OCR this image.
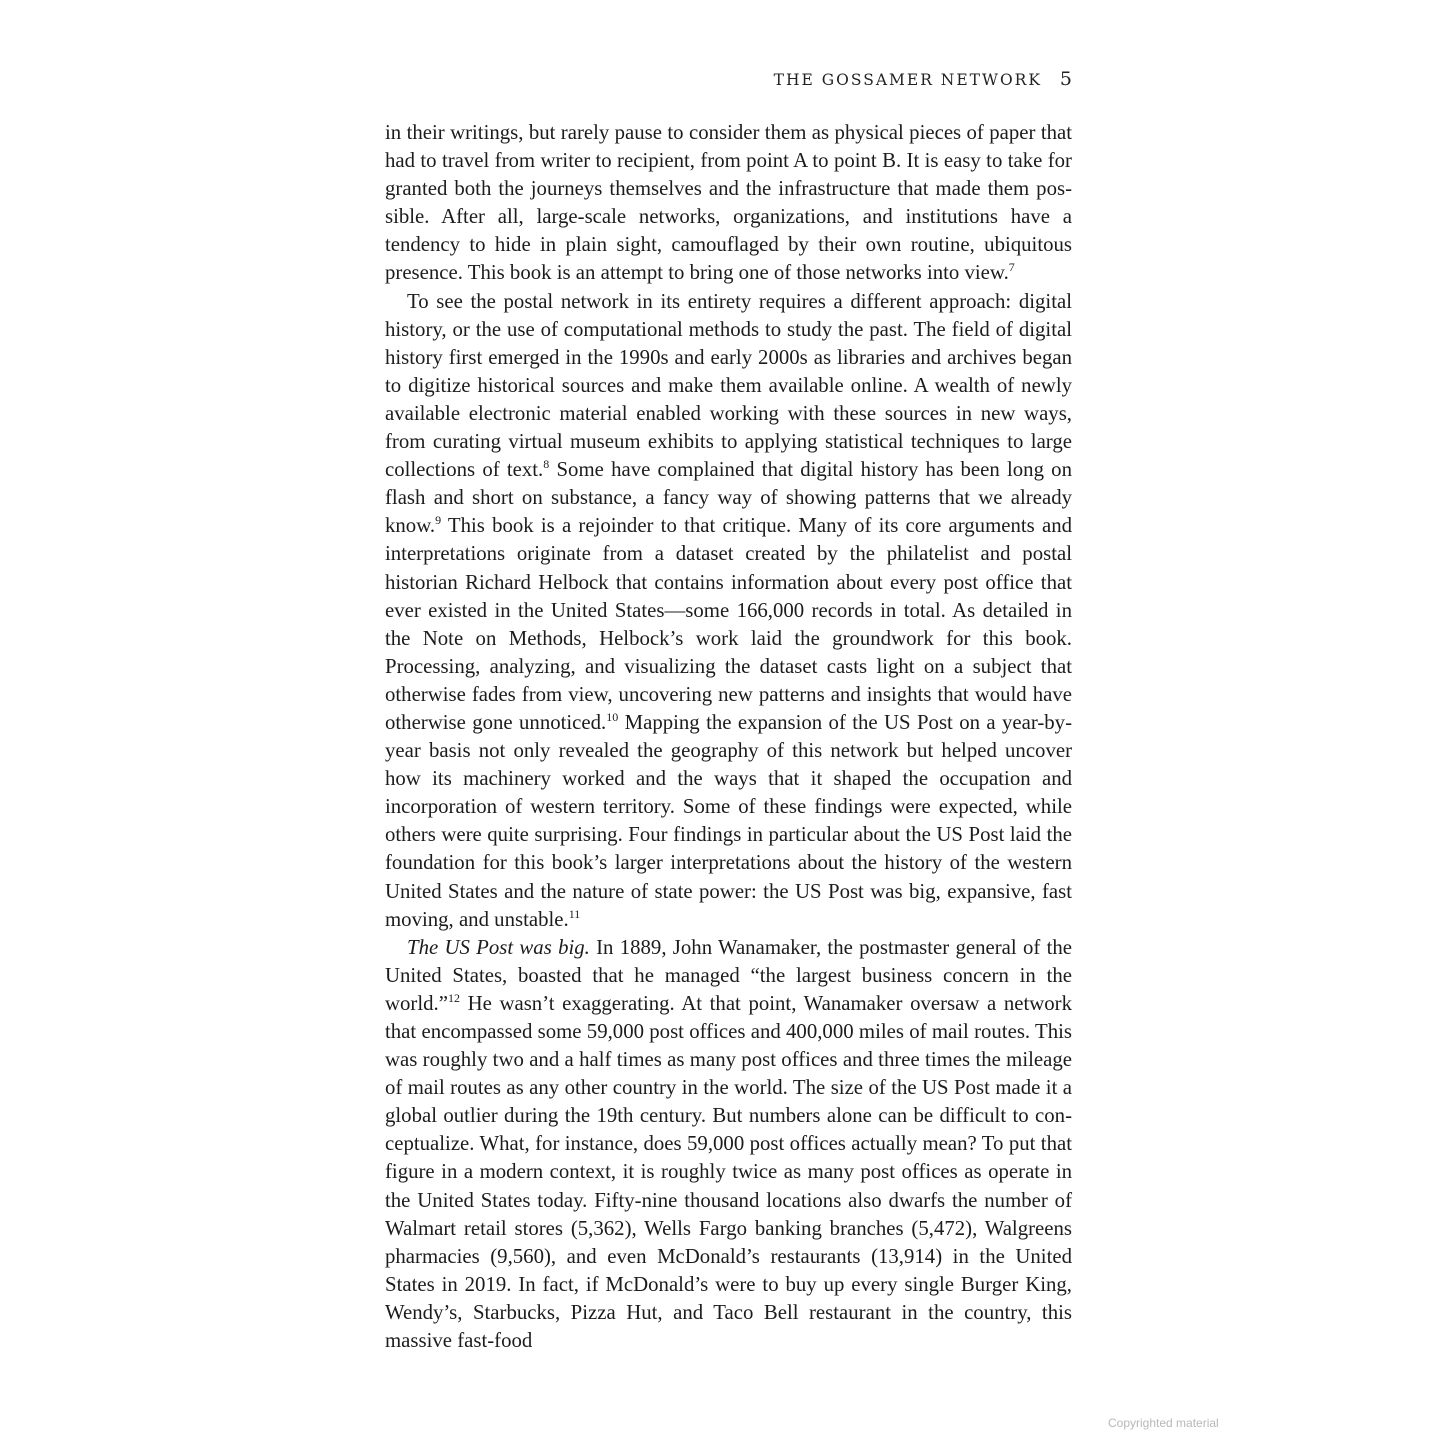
THE GOSSAMER NETWORK 5

in their writings, but rarely pause to consider them as physical pieces of paper that had to travel from writer to recipient, from point A to point B. It is easy to take for granted both the journeys themselves and the infrastructure that made them possible. After all, large-scale networks, organizations, and institutions have a tendency to hide in plain sight, camouflaged by their own routine, ubiquitous presence. This book is an attempt to bring one of those networks into view.$^7$

To see the postal network in its entirety requires a different approach: digital history, or the use of computational methods to study the past. The field of digital history first emerged in the 1990s and early 2000s as libraries and archives began to digitize historical sources and make them available online. A wealth of newly available electronic material enabled working with these sources in new ways, from curating virtual museum exhibits to applying statistical techniques to large collections of text.$^8$ Some have complained that digital history has been long on flash and short on substance, a fancy way of showing patterns that we already know.$^9$ This book is a rejoinder to that critique. Many of its core arguments and interpretations originate from a dataset created by the philatelist and postal historian Richard Helbock that contains information about every post office that ever existed in the United States—some 166,000 records in total. As detailed in the Note on Methods, Helbock’s work laid the groundwork for this book. Processing, analyzing, and visualizing the dataset casts light on a subject that otherwise fades from view, uncovering new patterns and insights that would have otherwise gone unnoticed.$^{10}$ Mapping the expansion of the US Post on a year-by-year basis not only revealed the geography of this network but helped uncover how its machinery worked and the ways that it shaped the occupation and incorporation of western territory. Some of these findings were expected, while others were quite surprising. Four findings in particular about the US Post laid the foundation for this book’s larger interpretations about the history of the western United States and the nature of state power: the US Post was big, expansive, fast moving, and unstable.$^{11}$

The US Post was big. In 1889, John Wanamaker, the postmaster general of the United States, boasted that he managed “the largest business concern in the world.”$^{12}$ He wasn’t exaggerating. At that point, Wanamaker oversaw a network that encompassed some 59,000 post offices and 400,000 miles of mail routes. This was roughly two and a half times as many post offices and three times the mileage of mail routes as any other country in the world. The size of the US Post made it a global outlier during the 19th century. But numbers alone can be difficult to conceptualize. What, for instance, does 59,000 post offices actually mean? To put that figure in a modern context, it is roughly twice as many post offices as operate in the United States today. Fifty-nine thousand locations also dwarfs the number of Walmart retail stores (5,362), Wells Fargo banking branches (5,472), Walgreens pharmacies (9,560), and even McDonald’s restaurants (13,914) in the United States in 2019. In fact, if McDonald’s were to buy up every single Burger King, Wendy’s, Starbucks, Pizza Hut, and Taco Bell restaurant in the country, this massive fast-food

Copyrighted material
